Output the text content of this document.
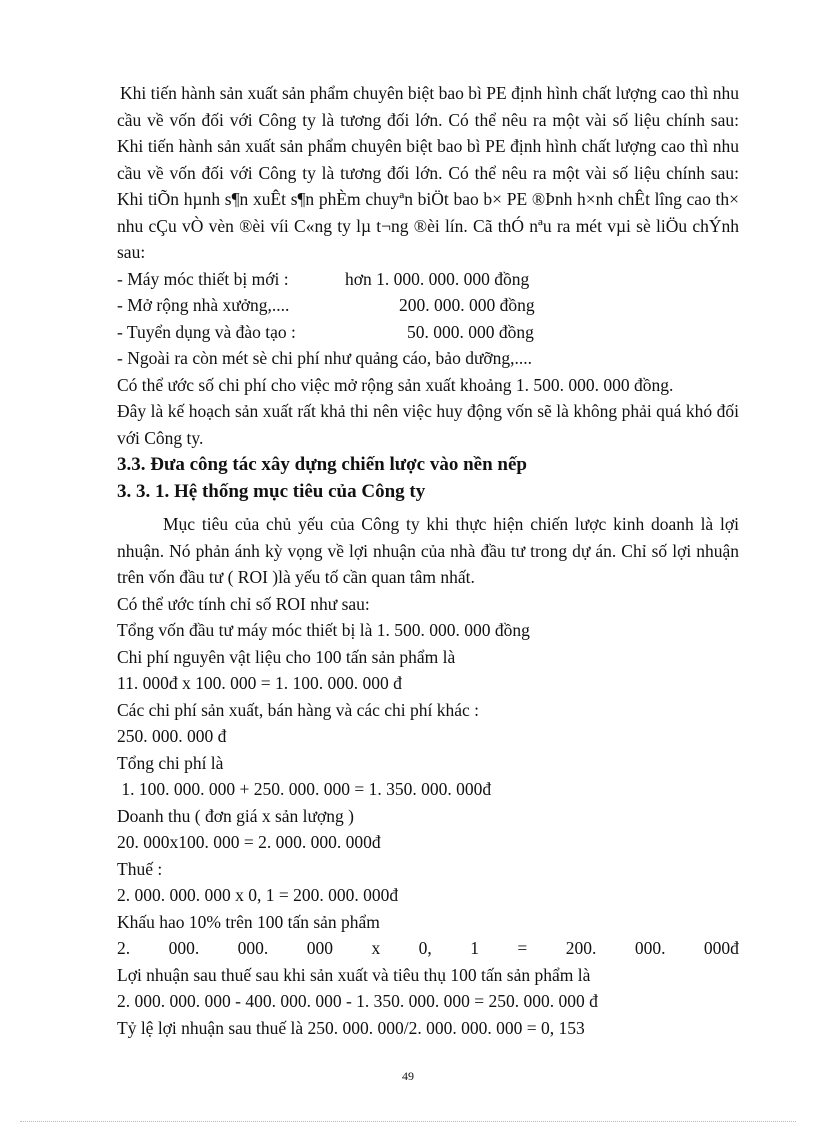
Khi tiến hành sản xuất sản phẩm chuyên biệt bao bì PE định hình chất lượng cao thì nhu cầu về vốn đối với Công ty là tương đối lớn. Có thể nêu ra một vài số liệu chính sau: Khi tiến hành sản xuất sản phẩm chuyên biệt bao bì PE định hình chất lượng cao thì nhu cầu về vốn đối với Công ty là tương đối lớn. Có thể nêu ra một vài số liệu chính sau: Khi tiÕn hµnh s¶n xuÊt s¶n phÈm chuyªn biÖt bao b× PE ®Þnh h×nh chÊt lîng cao th× nhu cÇu vÒ vèn ®èi víi C«ng ty lµ t¬ng ®èi lín. Cã thÓ nªu ra mét vµi sè liÖu chÝnh sau:

- Máy móc thiết bị mới :	hơn 1. 000. 000. 000 đồng
- Mở rộng nhà xưởng,....	200. 000. 000 đồng
- Tuyển dụng và đào tạo :	50. 000. 000 đồng

- Ngoài ra còn mét sè chi phí như quảng cáo, bảo dưỡng,....

Có thể ước số chi phí cho việc mở rộng sản xuất khoảng 1. 500. 000. 000 đồng.

Đây là kế hoạch sản xuất rất khả thi nên việc huy động vốn sẽ là không phải quá khó đối với Công ty.

3.3. Đưa công tác xây dựng chiến lược vào nền nếp
3. 3. 1. Hệ thống mục tiêu của Công ty

Mục tiêu của chủ yếu của Công ty khi thực hiện chiến lược kinh doanh là lợi nhuận. Nó phản ánh kỳ vọng về lợi nhuận của nhà đầu tư trong dự án. Chỉ số lợi nhuận trên vốn đầu tư ( ROI )là yếu tố cần quan tâm nhất.

Có thể ước tính chỉ số ROI như sau:

Tổng vốn đầu tư máy móc thiết bị là 1. 500. 000. 000 đồng

Chi phí nguyên vật liệu cho 100 tấn sản phẩm là

11. 000đ x 100. 000 = 1. 100. 000. 000 đ

Các chi phí sản xuất, bán hàng và các chi phí khác :

250. 000. 000 đ

Tổng chi phí là

1. 100. 000. 000 + 250. 000. 000 = 1. 350. 000. 000đ

Doanh thu ( đơn giá x sản lượng )

20. 000x100. 000 = 2. 000. 000. 000đ

Thuế :

2. 000. 000. 000 x 0, 1 = 200. 000. 000đ

Khấu hao 10% trên 100 tấn sản phẩm

2. 000. 000. 000 x 0, 1 = 200. 000. 000đ

Lợi nhuận sau thuế sau khi sản xuất và tiêu thụ 100 tấn sản phẩm là

2. 000. 000. 000 - 400. 000. 000 - 1. 350. 000. 000 = 250. 000. 000 đ

Tỷ lệ lợi nhuận sau thuế là 250. 000. 000/2. 000. 000. 000 = 0, 153

49
